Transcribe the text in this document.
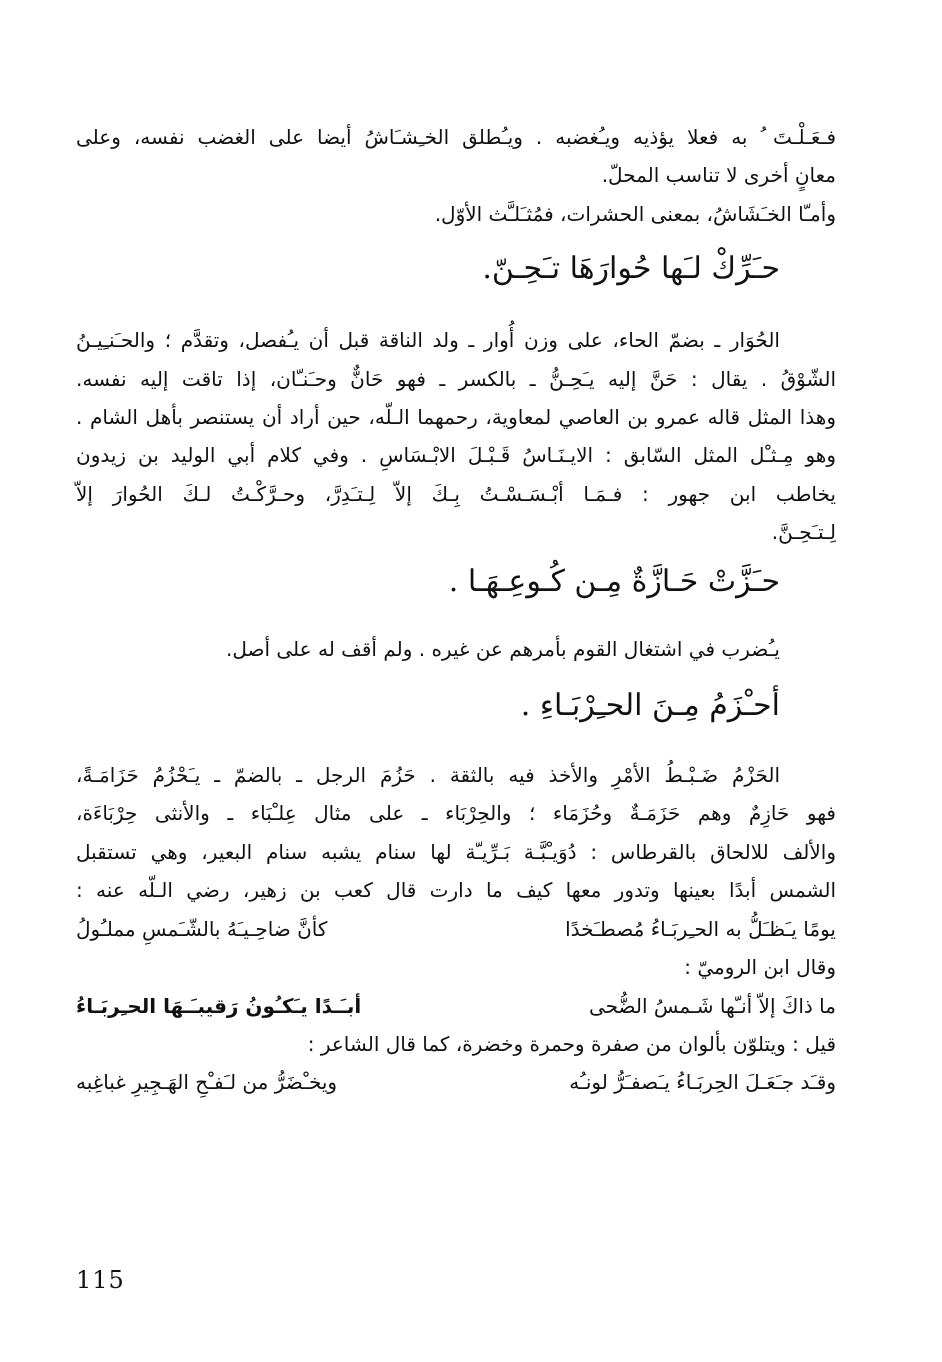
فـعَـلْـتَ ُ به فعلا يؤذيه ويـُغضبه . ويـُطلق الخـِشـَاشُ أيضا على الغضب نفسه، وعلى
معانٍ أخرى لا تناسب المحلّ.
وأمـّا الخـَشَاشُ، بمعنى الحشرات، فمُثـَلـَّث الأوّل.
حـَرِّكْ لـَها حُوارَهَا تـَحِـنّ.
الحُوَار ـ بضمّ الحاء، على وزن أُوار ـ ولد الناقة قبل أن يـُفصل، وتقدَّم ؛ والحـَنـِيـنُ
الشّوْقُ . يقال : حَنَّ إليه يـَحِـنُّ ـ بالكسر ـ فهو حَانٌّ وحـَنـّان، إذا تاقت إليه نفسه.
وهذا المثل قاله عمرو بن العاصي لمعاوية، رحمهما الـلّه، حين أراد أن يستنصر بأهل الشام .
وهو مِـثـْل المثل السّابق : الايـنَـاسُ قَـبْـلَ الابْـسَاسِ . وفي كلام أبي الوليد بن زيدون
يخاطب ابن جهور : فـمَـا أبْـسَـسْـتُ بِـكَ إلاّ لِـتـَدِرَّ، وحـرَّكْـتُ لـكَ الحُوارَ إلاّ
لِـتـَحِـنَّ.
حـَزَّتْ حَـازَّةٌ مِـن كُـوعِـهَـا .
يـُضرب في اشتغال القوم بأمرهم عن غيره . ولم أقف له على أصل.
أحـْزَمُ مِـنَ الحـِرْبَـاءِ .
الحَزْمُ ضَـبْـطُ الأمْرِ والأخذ فيه بالثقة . حَزُمَ الرجل ـ بالضمّ ـ يـَحْزُمُ حَزَامَـةً،
فهو حَازِمٌ وهم حَزَمَـةٌ وحُزَمَاء ؛ والحِرْبَاء ـ على مثال عِلـْبَاء ـ والأنثى حِرْبَاءَة،
والألف للالحاق بالقرطاس : دُوَيـْبَّـة بَـرِّيـّة لها سنام يشبه سنام البعير، وهي تستقبل
الشمس أبدًا بعينها وتدور معها كيف ما دارت قال كعب بن زهير، رضي الـلّه عنه :
يومًا يـَظـَلُّ به الحـِربَـاءُ مُصطـَخدًا
كأنَّ ضاحِـيـَهُ بالشّـَمسِ مملـُولُ
وقال ابن الروميّ :
ما ذاكَ إلاّ أنـّها شَـمسُ الضُّحى
أبـَـدًا يـَكـُونُ رَقيبـَـهَا الحـِربَـاءُ
قيل : ويتلوّن بألوان من صفرة وحمرة وخضرة، كما قال الشاعر :
وقـَد جـَعَـلَ الحِربَـاءُ يـَصفـَرُّ لونـُه
ويخـْضَرُّ من لـَفـْحِ الهَـجِيرِ غباغِبه
115
